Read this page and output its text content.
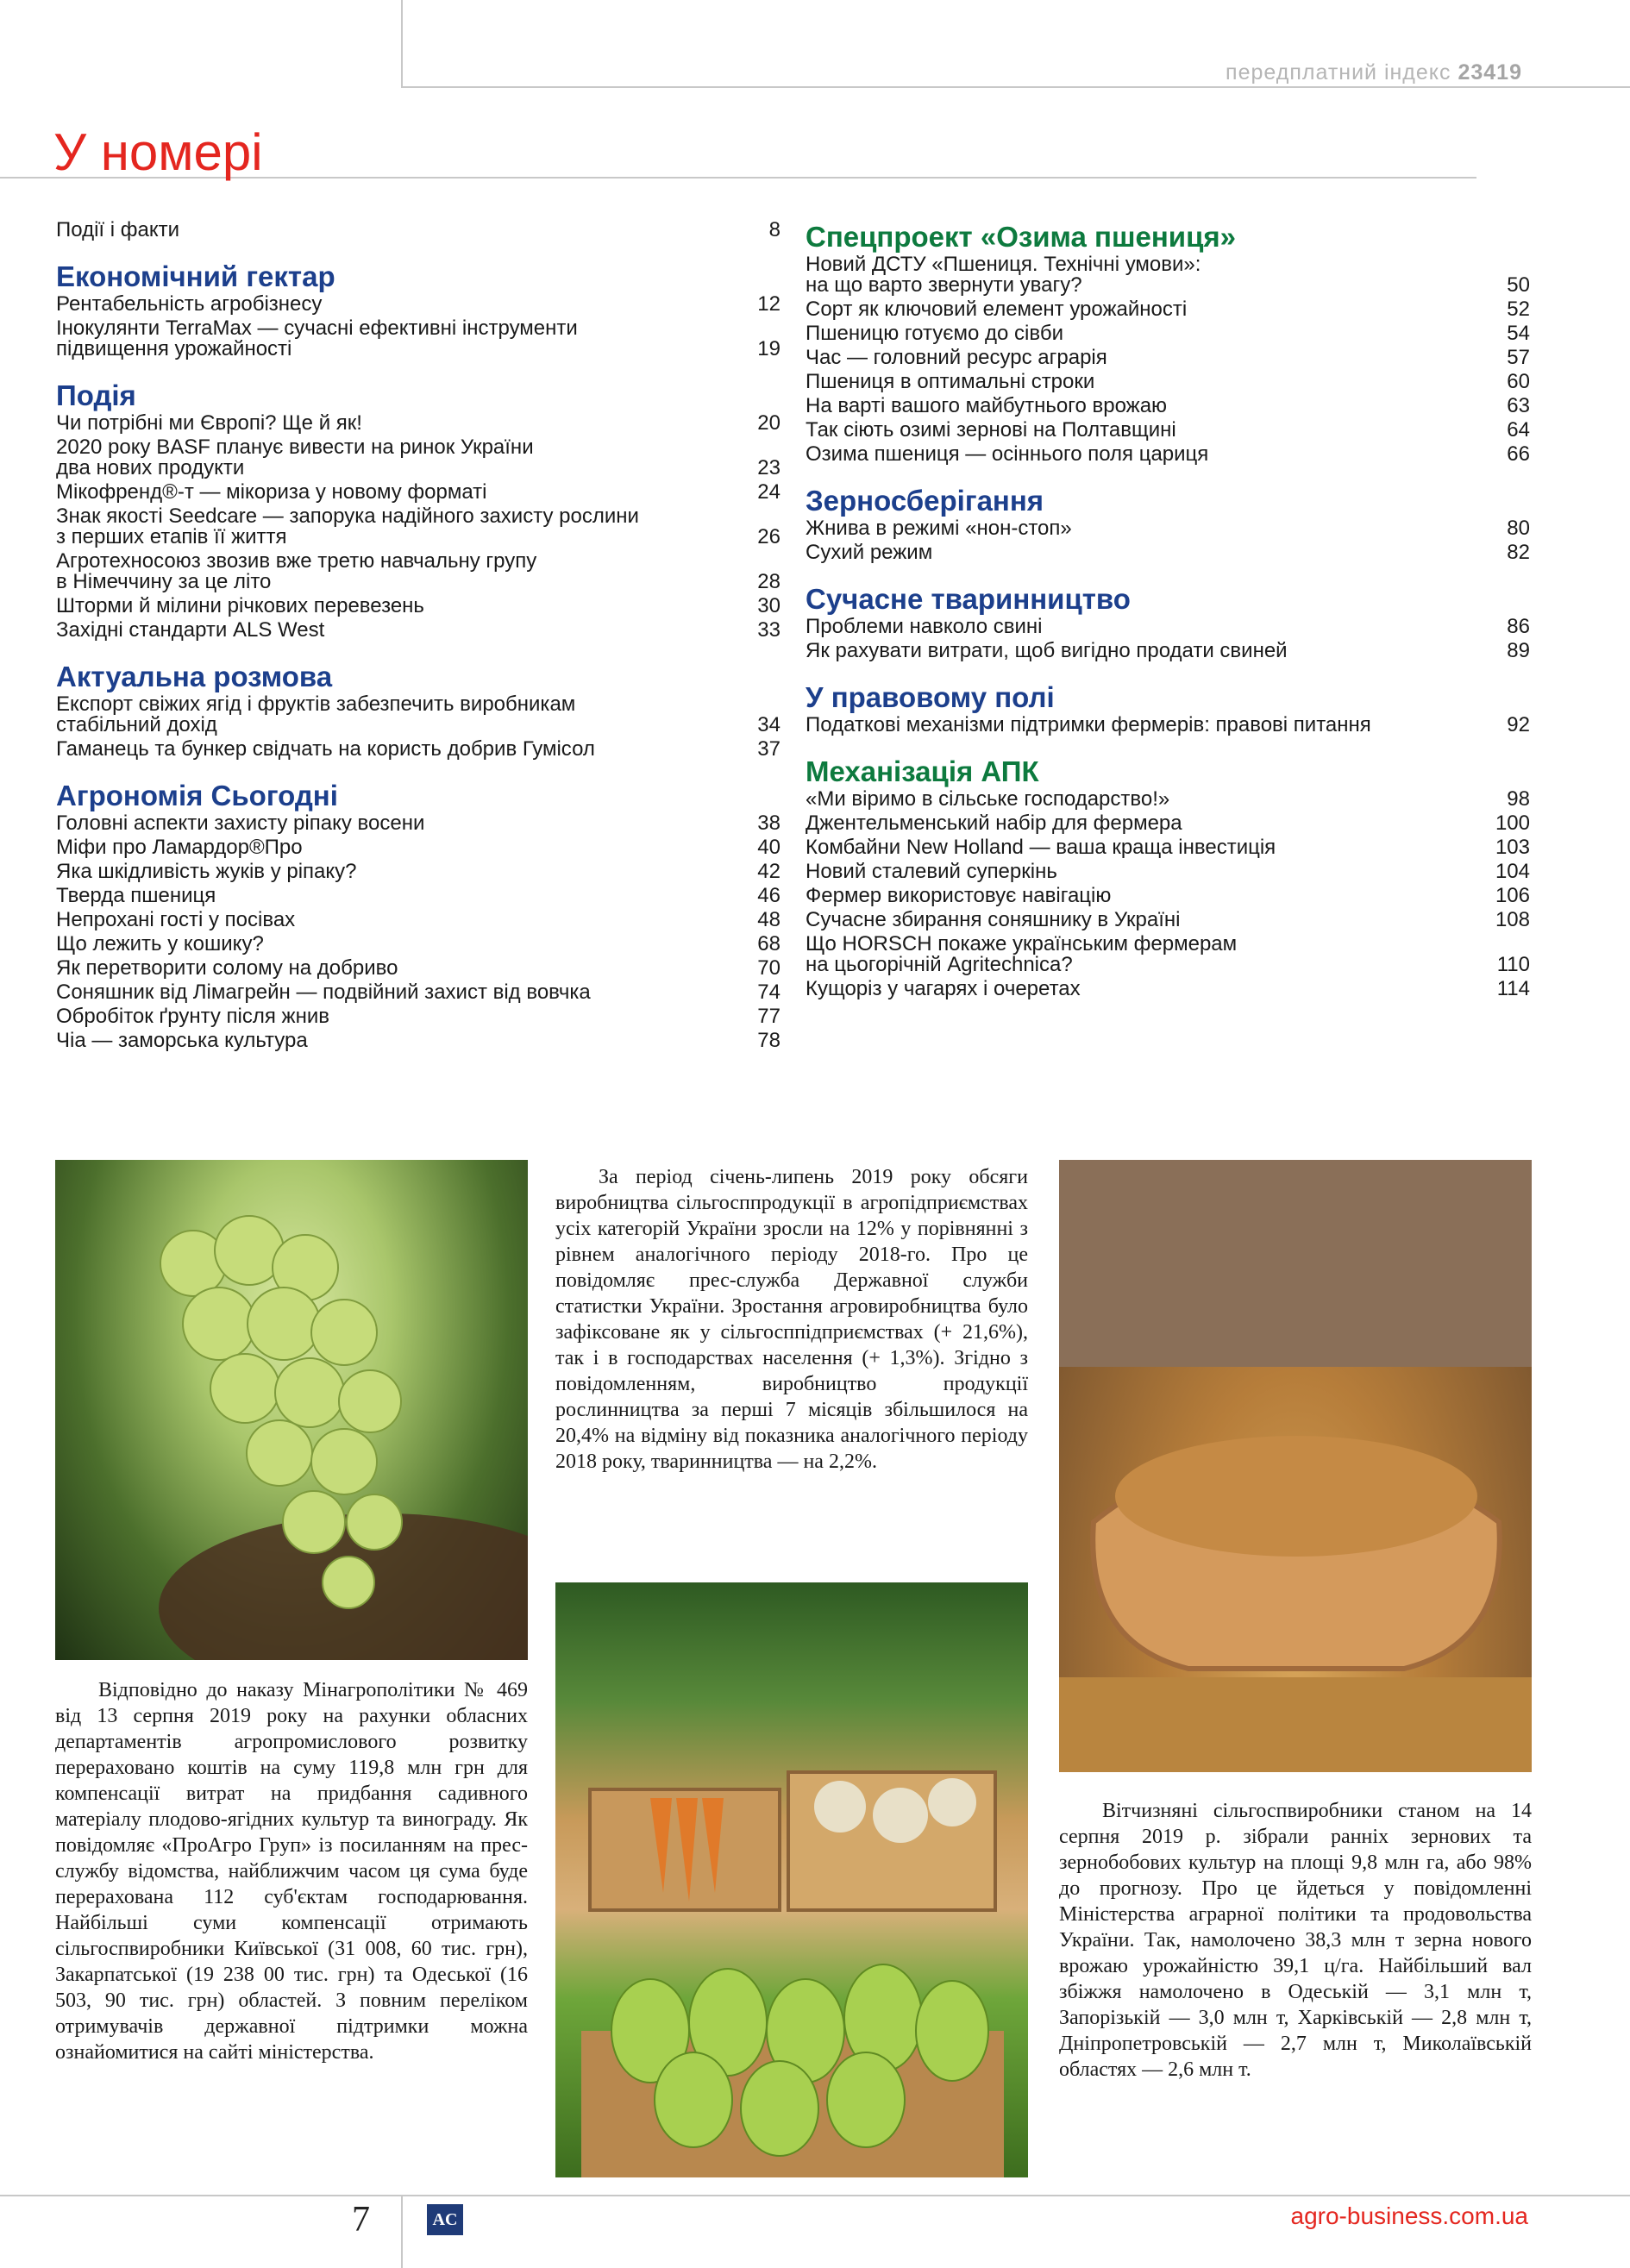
передплатний індекс 23419
У номері
Події і факти	8
Економічний гектар
Рентабельність агробізнесу	12
Інокулянти TerraMax — сучасні ефективні інструменти
підвищення урожайності	19
Подія
Чи потрібні ми Європі? Ще й як!	20
2020 року BASF планує вивести на ринок України
два нових продукти	23
Мікофренд®-т — мікориза у новому форматі	24
Знак якості Seedcare — запорука надійного захисту рослини
з перших етапів її життя	26
Агротехносоюз звозив вже третю навчальну групу
в Німеччину за це літо	28
Шторми й мілини річкових перевезень	30
Західні стандарти ALS West	33
Актуальна розмова
Експорт свіжих ягід і фруктів забезпечить виробникам
стабільний дохід	34
Гаманець та бункер свідчать на користь добрив Гумісол	37
Агрономія Сьогодні
Головні аспекти захисту ріпаку восени	38
Міфи про Ламардор®Про	40
Яка шкідливість жуків у ріпаку?	42
Тверда пшениця	46
Непрохані гості у посівах	48
Що лежить у кошику?	68
Як перетворити солому на добриво	70
Соняшник від Лімагрейн — подвійний захист від вовчка	74
Обробіток ґрунту після жнив	77
Чіа — заморська культура	78
Спецпроект «Озима пшениця»
Новий ДСТУ «Пшениця. Технічні умови»:
на що варто звернути увагу?	50
Сорт як ключовий елемент урожайності	52
Пшеницю готуємо до сівби	54
Час — головний ресурс аграрія	57
Пшениця в оптимальні строки	60
На варті вашого майбутнього врожаю	63
Так сіють озимі зернові на Полтавщині	64
Озима пшениця — осіннього поля цариця	66
Зерносберігання
Жнива в режимі «нон-стоп»	80
Сухий режим	82
Сучасне тваринництво
Проблеми навколо свині	86
Як рахувати витрати, щоб вигідно продати свиней	89
У правовому полі
Податкові механізми підтримки фермерів: правові питання	92
Механізація АПК
«Ми віримо в сільське господарство!»	98
Джентельменський набір для фермера	100
Комбайни New Holland — ваша краща інвестиція	103
Новий сталевий суперкінь	104
Фермер використовує навігацію	106
Сучасне збирання соняшнику в Україні	108
Що HORSCH покаже українським фермерам
на цьогорічній Agritechnica?	110
Кущоріз у чагарях і очеретах	114

За період січень-липень 2019 року обсяги виробництва сільгосппродукції в агропідприємствах усіх категорій України зросли на 12% у порівнянні з рівнем аналогічного періоду 2018-го. Про це повідомляє прес-служба Державної служби статистки України. Зростання агровиробництва було зафіксоване як у сільгосппідприємствах (+ 21,6%), так і в господарствах населення (+ 1,3%). Згідно з повідомленням, виробництво продукції рослинництва за перші 7 місяців збільшилося на 20,4% на відміну від показника аналогічного періоду 2018 року, тваринництва — на 2,2%.

Відповідно до наказу Мінагрополітики № 469 від 13 серпня 2019 року на рахунки обласних департаментів агропромислового розвитку перераховано коштів на суму 119,8 млн грн для компенсації витрат на придбання садивного матеріалу плодово-ягідних культур та винограду. Як повідомляє «ПроАгро Груп» із посиланням на прес-службу відомства, найближчим часом ця сума буде перерахована 112 суб'єктам господарювання. Найбільші суми компенсації отримають сільгоспвиробники Київської (31 008, 60 тис. грн), Закарпатської (19 238 00 тис. грн) та Одеської (16 503, 90 тис. грн) областей. З повним переліком отримувачів державної підтримки можна ознайомитися на сайті міністерства.

Вітчизняні сільгоспвиробники станом на 14 серпня 2019 р. зібрали ранніх зернових та зернобобових культур на площі 9,8 млн га, або 98% до прогнозу. Про це йдеться у повідомленні Міністерства аграрної політики та продовольства України. Так, намолочено 38,3 млн т зерна нового врожаю урожайністю 39,1 ц/га. Найбільший вал збіжжя намолочено в Одеській — 3,1 млн т, Запорізькій — 3,0 млн т, Харківській — 2,8 млн т, Дніпропетровській — 2,7 млн т, Миколаївській областях — 2,6 млн т.

7	AC	agro-business.com.ua
